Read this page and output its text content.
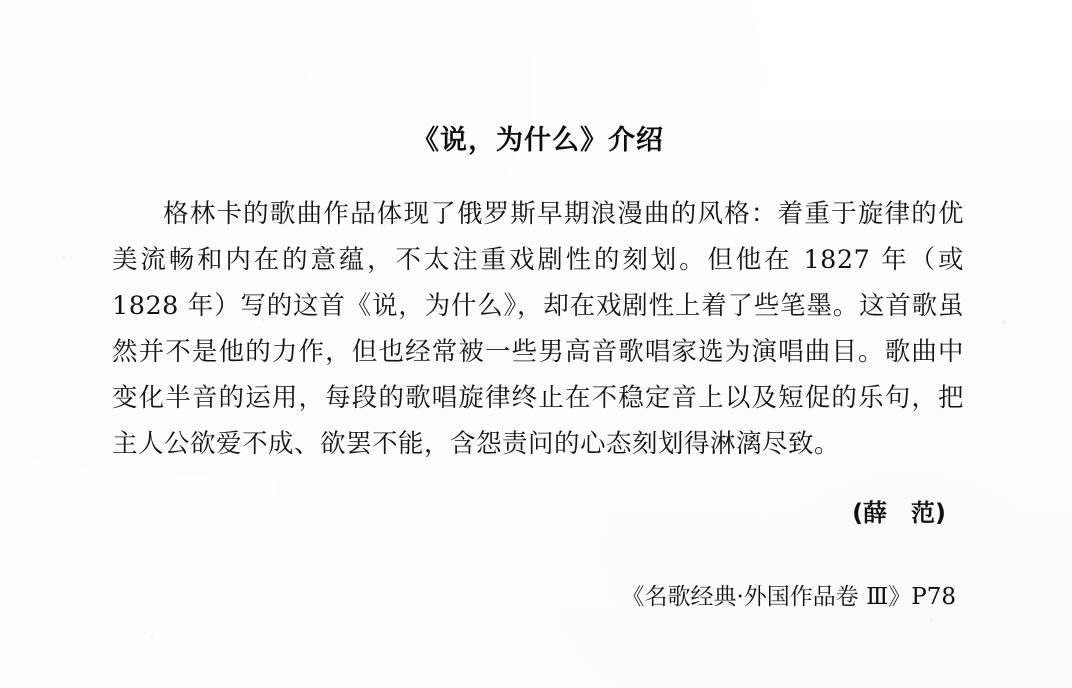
《说，为什么》介绍

格林卡的歌曲作品体现了俄罗斯早期浪漫曲的风格：着重于旋律的优美流畅和内在的意蕴，不太注重戏剧性的刻划。但他在 1827 年（或 1828 年）写的这首《说，为什么》，却在戏剧性上着了些笔墨。这首歌虽然并不是他的力作，但也经常被一些男高音歌唱家选为演唱曲目。歌曲中变化半音的运用，每段的歌唱旋律终止在不稳定音上以及短促的乐句，把主人公欲爱不成、欲罢不能，含怨责问的心态刻划得淋漓尽致。

(薛　范)
《名歌经典·外国作品卷 Ⅲ》P78
